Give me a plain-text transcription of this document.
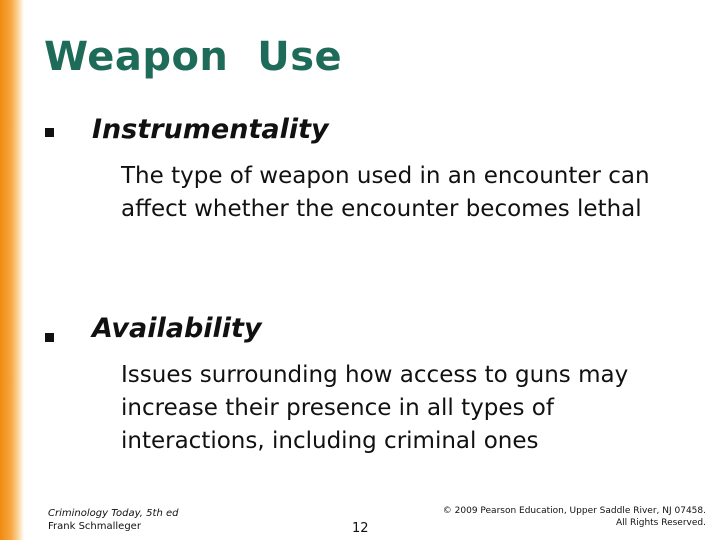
Weapon  Use
Instrumentality

The type of weapon used in an encounter can affect whether the encounter becomes lethal

Availability

Issues surrounding how access to guns may increase their presence in all types of interactions, including criminal ones

Criminology Today, 5th ed
Frank Schmalleger	12
© 2009 Pearson Education, Upper Saddle River, NJ 07458.
All Rights Reserved.
